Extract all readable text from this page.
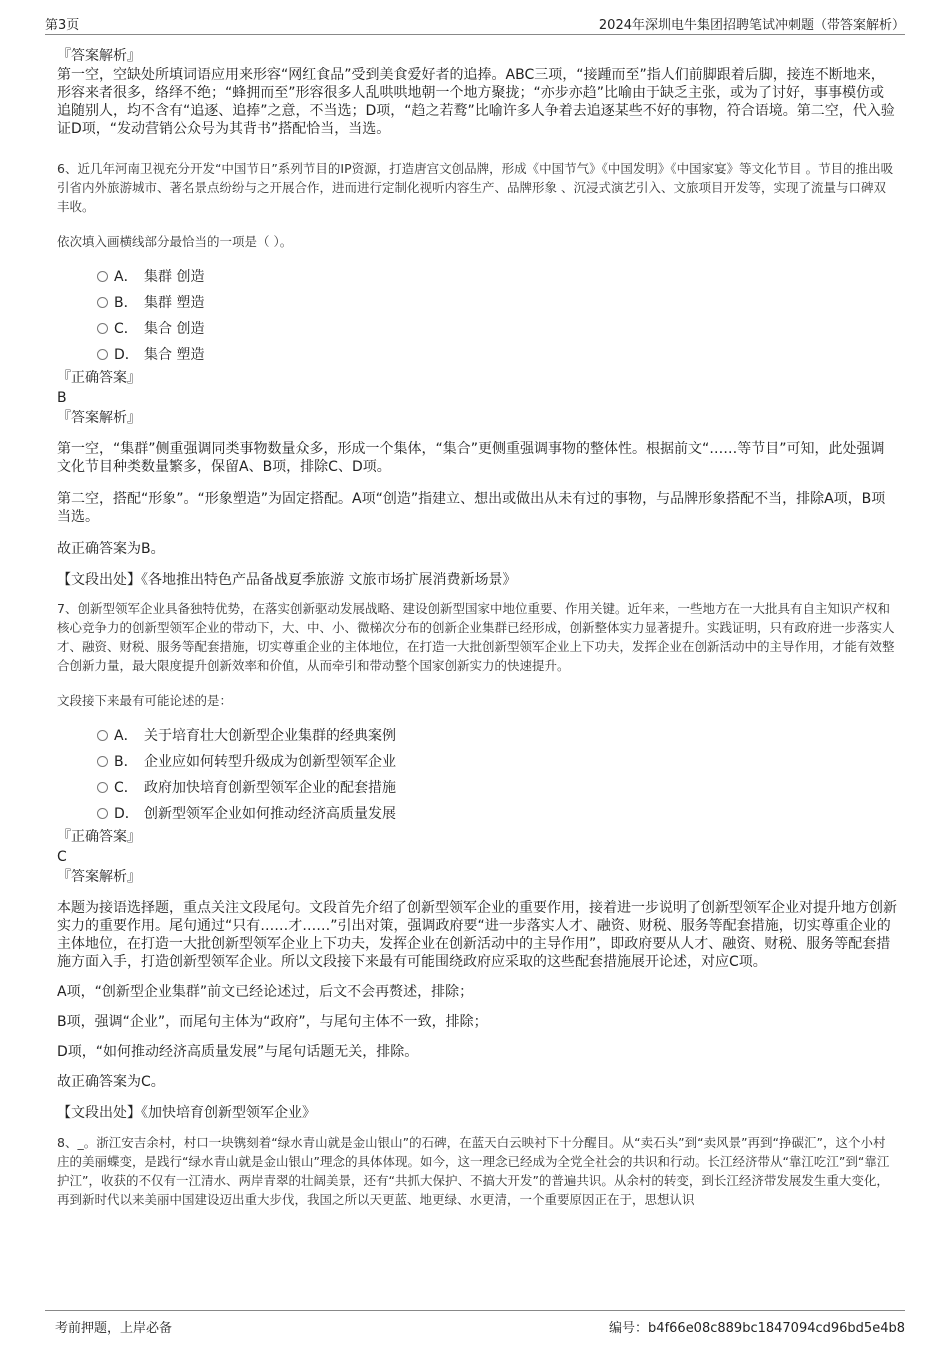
第3页	2024年深圳电牛集团招聘笔试冲刺题（带答案解析）

『答案解析』

第一空，空缺处所填词语应用来形容“网红食品”受到美食爱好者的追捧。ABC三项，“接踵而至”指人们前脚跟着后脚，接连不断地来，形容来者很多，络绎不绝；“蜂拥而至”形容很多人乱哄哄地朝一个地方聚拢；“亦步亦趋”比喻由于缺乏主张，或为了讨好，事事模仿或追随别人，均不含有“追逐、追捧”之意，不当选；D项，“趋之若鹜”比喻许多人争着去追逐某些不好的事物，符合语境。第二空，代入验证D项，“发动营销公众号为其背书”搭配恰当，当选。

6、近几年河南卫视充分开发“中国节日”系列节目的IP资源，打造唐宫文创品牌，形成《中国节气》《中国发明》《中国家宴》等文化节目 。节目的推出吸引省内外旅游城市、著名景点纷纷与之开展合作，进而进行定制化视听内容生产、品牌形象 、沉浸式演艺引入、文旅项目开发等，实现了流量与口碑双丰收。

依次填入画横线部分最恰当的一项是（ ）。

A． 集群 创造
B． 集群 塑造
C． 集合 创造
D． 集合 塑造

『正确答案』

B

『答案解析』

第一空，“集群”侧重强调同类事物数量众多，形成一个集体，“集合”更侧重强调事物的整体性。根据前文“……等节目”可知，此处强调文化节目种类数量繁多，保留A、B项，排除C、D项。

第二空，搭配“形象”。“形象塑造”为固定搭配。A项“创造”指建立、想出或做出从未有过的事物，与品牌形象搭配不当，排除A项，B项当选。

故正确答案为B。

【文段出处】《各地推出特色产品备战夏季旅游 文旅市场扩展消费新场景》

7、创新型领军企业具备独特优势，在落实创新驱动发展战略、建设创新型国家中地位重要、作用关键。近年来，一些地方在一大批具有自主知识产权和核心竞争力的创新型领军企业的带动下，大、中、小、微梯次分布的创新企业集群已经形成，创新整体实力显著提升。实践证明，只有政府进一步落实人才、融资、财税、服务等配套措施，切实尊重企业的主体地位，在打造一大批创新型领军企业上下功夫，发挥企业在创新活动中的主导作用，才能有效整合创新力量，最大限度提升创新效率和价值，从而牵引和带动整个国家创新实力的快速提升。

文段接下来最有可能论述的是：

A． 关于培育壮大创新型企业集群的经典案例
B． 企业应如何转型升级成为创新型领军企业
C． 政府加快培育创新型领军企业的配套措施
D． 创新型领军企业如何推动经济高质量发展

『正确答案』

C

『答案解析』

本题为接语选择题，重点关注文段尾句。文段首先介绍了创新型领军企业的重要作用，接着进一步说明了创新型领军企业对提升地方创新实力的重要作用。尾句通过“只有……才……”引出对策，强调政府要“进一步落实人才、融资、财税、服务等配套措施，切实尊重企业的主体地位，在打造一大批创新型领军企业上下功夫，发挥企业在创新活动中的主导作用”，即政府要从人才、融资、财税、服务等配套措施方面入手，打造创新型领军企业。所以文段接下来最有可能围绕政府应采取的这些配套措施展开论述，对应C项。

A项，“创新型企业集群”前文已经论述过，后文不会再赘述，排除；

B项，强调“企业”，而尾句主体为“政府”，与尾句主体不一致，排除；

D项，“如何推动经济高质量发展”与尾句话题无关，排除。

故正确答案为C。

【文段出处】《加快培育创新型领军企业》

8、_。浙江安吉余村，村口一块镌刻着“绿水青山就是金山银山”的石碑，在蓝天白云映衬下十分醒目。从“卖石头”到“卖风景”再到“挣碳汇”，这个小村庄的美丽蝶变，是践行“绿水青山就是金山银山”理念的具体体现。如今，这一理念已经成为全党全社会的共识和行动。长江经济带从“靠江吃江”到“靠江护江”，收获的不仅有一江清水、两岸青翠的壮阔美景，还有“共抓大保护、不搞大开发”的普遍共识。从余村的转变，到长江经济带发展发生重大变化，再到新时代以来美丽中国建设迈出重大步伐，我国之所以天更蓝、地更绿、水更清，一个重要原因正在于，思想认识

考前押题，上岸必备	编号：b4f66e08c889bc1847094cd96bd5e4b8
